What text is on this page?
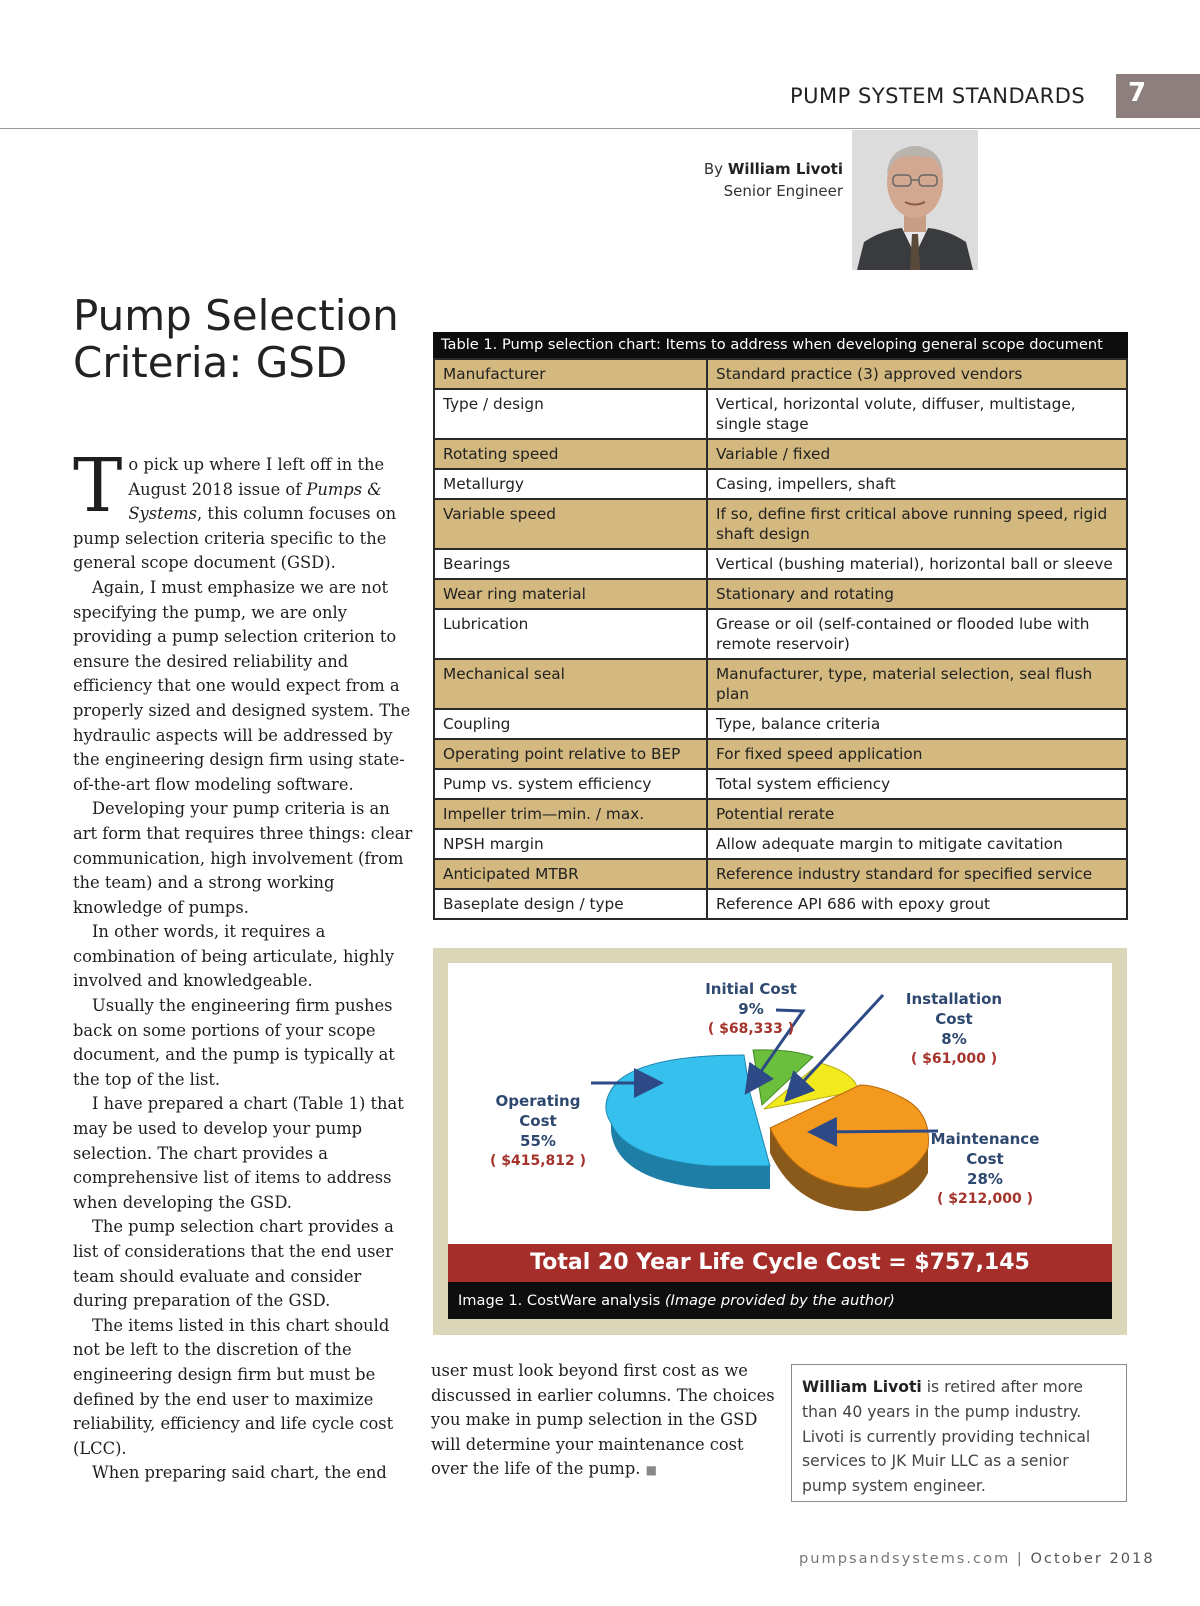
PUMP SYSTEM STANDARDS 7
By William Livoti
Senior Engineer
Pump Selection
Criteria: GSD

To pick up where I left off in the August 2018 issue of Pumps & Systems, this column focuses on pump selection criteria specific to the general scope document (GSD).

Again, I must emphasize we are not specifying the pump, we are only providing a pump selection criterion to ensure the desired reliability and efficiency that one would expect from a properly sized and designed system. The hydraulic aspects will be addressed by the engineering design firm using state-of-the-art flow modeling software.

Developing your pump criteria is an art form that requires three things: clear communication, high involvement (from the team) and a strong working knowledge of pumps.

In other words, it requires a combination of being articulate, highly involved and knowledgeable.

Usually the engineering firm pushes back on some portions of your scope document, and the pump is typically at the top of the list.

I have prepared a chart (Table 1) that may be used to develop your pump selection. The chart provides a comprehensive list of items to address when developing the GSD.

The pump selection chart provides a list of considerations that the end user team should evaluate and consider during preparation of the GSD.

The items listed in this chart should not be left to the discretion of the engineering design firm but must be defined by the end user to maximize reliability, efficiency and life cycle cost (LCC).

When preparing said chart, the end

Table 1. Pump selection chart: Items to address when developing general scope document
Manufacturer	Standard practice (3) approved vendors
Type / design	Vertical, horizontal volute, diffuser, multistage, single stage
Rotating speed	Variable / fixed
Metallurgy	Casing, impellers, shaft
Variable speed	If so, define first critical above running speed, rigid shaft design
Bearings	Vertical (bushing material), horizontal ball or sleeve
Wear ring material	Stationary and rotating
Lubrication	Grease or oil (self-contained or flooded lube with remote reservoir)
Mechanical seal	Manufacturer, type, material selection, seal flush plan
Coupling	Type, balance criteria
Operating point relative to BEP	For fixed speed application
Pump vs. system efficiency	Total system efficiency
Impeller trim—min. / max.	Potential rerate
NPSH margin	Allow adequate margin to mitigate cavitation
Anticipated MTBR	Reference industry standard for specified service
Baseplate design / type	Reference API 686 with epoxy grout
Initial Cost
9%
( $68,333 )
Installation
Cost
8%
( $61,000 )
Operating
Cost
55%
( $415,812 )
Maintenance
Cost
28%
( $212,000 )
Total 20 Year Life Cycle Cost = $757,145
Image 1. CostWare analysis (Image provided by the author)

user must look beyond first cost as we discussed in earlier columns. The choices you make in pump selection in the GSD will determine your maintenance cost over the life of the pump. ■

William Livoti is retired after more than 40 years in the pump industry. Livoti is currently providing technical services to JK Muir LLC as a senior pump system engineer.
pumpsandsystems.com | October 2018
